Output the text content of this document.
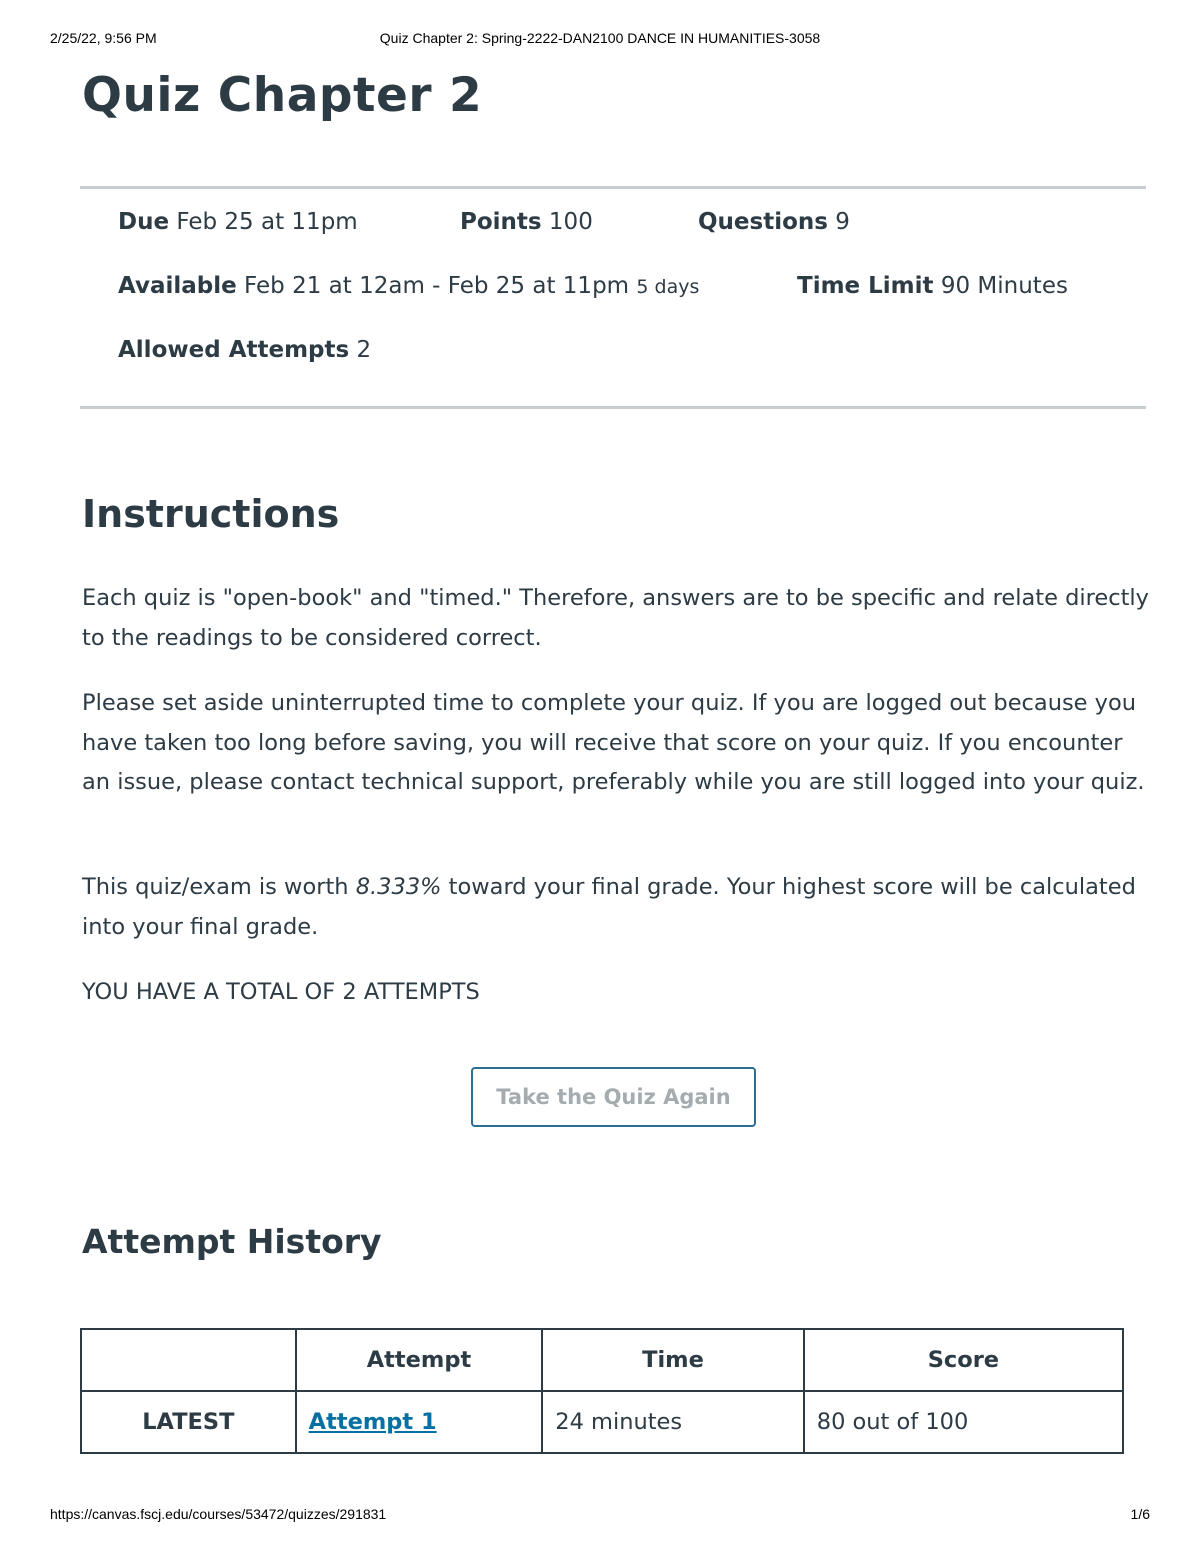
2/25/22, 9:56 PM	Quiz Chapter 2: Spring-2222-DAN2100 DANCE IN HUMANITIES-3058
Quiz Chapter 2
Due Feb 25 at 11pm	Points 100	Questions 9
Available Feb 21 at 12am - Feb 25 at 11pm 5 days	Time Limit 90 Minutes
Allowed Attempts 2
Instructions

Each quiz is "open-book" and "timed." Therefore, answers are to be specific and relate directly to the readings to be considered correct.

Please set aside uninterrupted time to complete your quiz. If you are logged out because you have taken too long before saving, you will receive that score on your quiz. If you encounter an issue, please contact technical support, preferably while you are still logged into your quiz.

This quiz/exam is worth 8.333% toward your final grade. Your highest score will be calculated into your final grade.

YOU HAVE A TOTAL OF 2 ATTEMPTS

Take the Quiz Again
Attempt History
	Attempt	Time	Score
LATEST	Attempt 1	24 minutes	80 out of 100
https://canvas.fscj.edu/courses/53472/quizzes/291831	1/6
